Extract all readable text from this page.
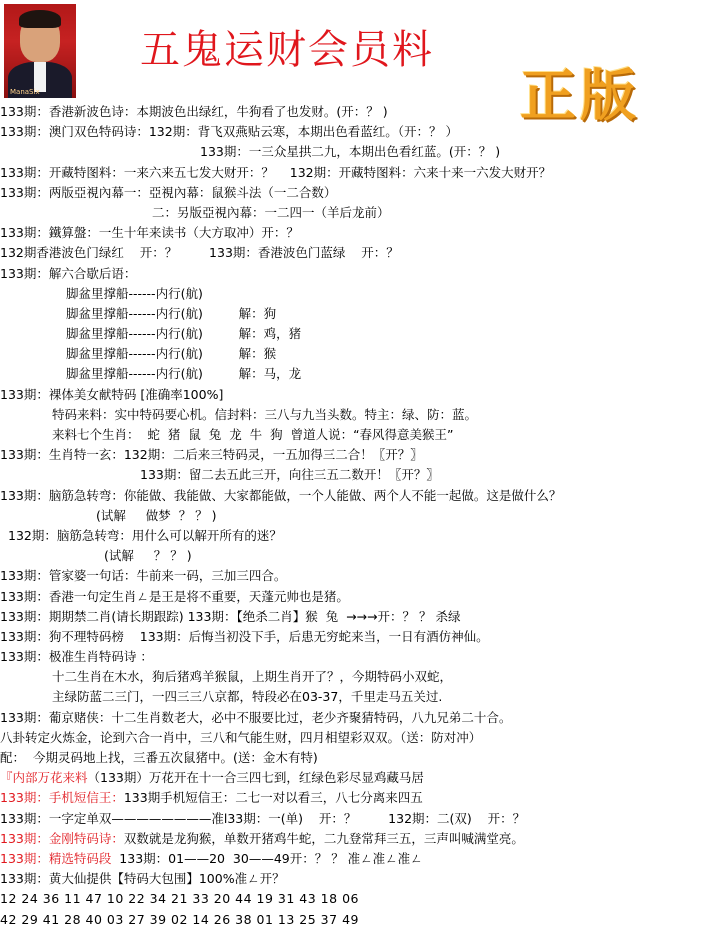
ManaSix
五鬼运财会员料
正版
133期：香港新波色诗：本期波色出绿红，牛狗看了也发财。(开：？ )
133期：澳门双色特码诗：132期：背飞双燕贴云寒，本期出色看蓝红。（开：？ ）
133期：一三众星拱二九，本期出色看红蓝。(开：？ )
133期：开藏特图料：一来六来五七发大财开：？    132期：开藏特图料：六来十来一六发大财开？
133期：两版亞視內幕一：亞視內幕：鼠猴斗法（一二合数）
二：另版亞視內幕：一二四一（羊后龙前）
133期：鐵算盤：一生十年来读书（大方取冲）开：？
132期香港波色门绿红    开：？        133期：香港波色门蓝绿    开：？
133期：解六合歇后语：
脚盆里撑船------内行(航)
脚盆里撑船------内行(航)         解：狗
脚盆里撑船------内行(航)         解：鸡，猪
脚盆里撑船------内行(航)         解：猴
脚盆里撑船------内行(航)         解：马，龙
133期：裸体美女献特码 [准确率100%]
特码来料：实中特码要心机。信封料：三八与九当头数。特主：绿、防：蓝。
来料七个生肖：  蛇  猪  鼠  兔  龙  牛  狗  曾道人说：“春风得意美猴王”
133期：生肖特一玄：132期：二后来三特码灵，一五加得三二合！〖开？〗
133期：留二去五此三开，向往三五二数开！〖开？〗
133期：脑筋急转弯：你能做、我能做、大家都能做，一个人能做、两个人不能一起做。这是做什么？
(试解     做梦  ？ ？ )
132期：脑筋急转弯：用什么可以解开所有的迷？
(试解     ？ ？ )
133期：管家婆一句话：牛前来一码，三加三四合。
133期：香港一句定生肖ㄥ是王是将不重要，天蓬元帅也是猪。
133期：期期禁二肖(请长期跟踪) 133期：【绝杀二肖】猴  兔  →→→开：？ ？ 杀绿
133期：狗不理特码榜    133期：后悔当初没下手，后患无穷蛇来当，一日有酒仿神仙。
133期：极准生肖特码诗 ：
十二生肖在木水，狗后猪鸡羊猴鼠，上期生肖开了？，今期特码小双蛇，
主绿防蓝二三门，一四三三八京都，特段必在03-37，千里走马五关过.
133期：葡京赌侠：十二生肖数老大，必中不服要比过，老少齐聚猜特码，八九兄弟二十合。
八卦转定火炼金，论到六合一肖中，三八和气能生财，四月相望彩双双。（送：防对冲）
配：  今期灵码地上找，三番五次鼠猪中。(送：金木有特)
『内部万花来料（133期）万花开在十一合三四七到，红绿色彩尽显鸡藏马居
133期：手机短信王：133期手机短信王：二七一对以看三，八七分离来四五
133期：一字定单双————————准l33期：一(单)    开：？        132期：二(双)    开：？
133期：金刚特码诗：双数就是龙狗猴，单数开猪鸡牛蛇，二九登常拜三五，三声叫喊满堂亮。
133期：精选特码段  133期：01——20  30——49开：？ ？ 准ㄥ准ㄥ准ㄥ
133期：黄大仙提供【特码大包围】100%准ㄥ开？
12 24 36 11 47 10 22 34 21 33 20 44 19 31 43 18 06
42 29 41 28 40 03 27 39 02 14 26 38 01 13 25 37 49
